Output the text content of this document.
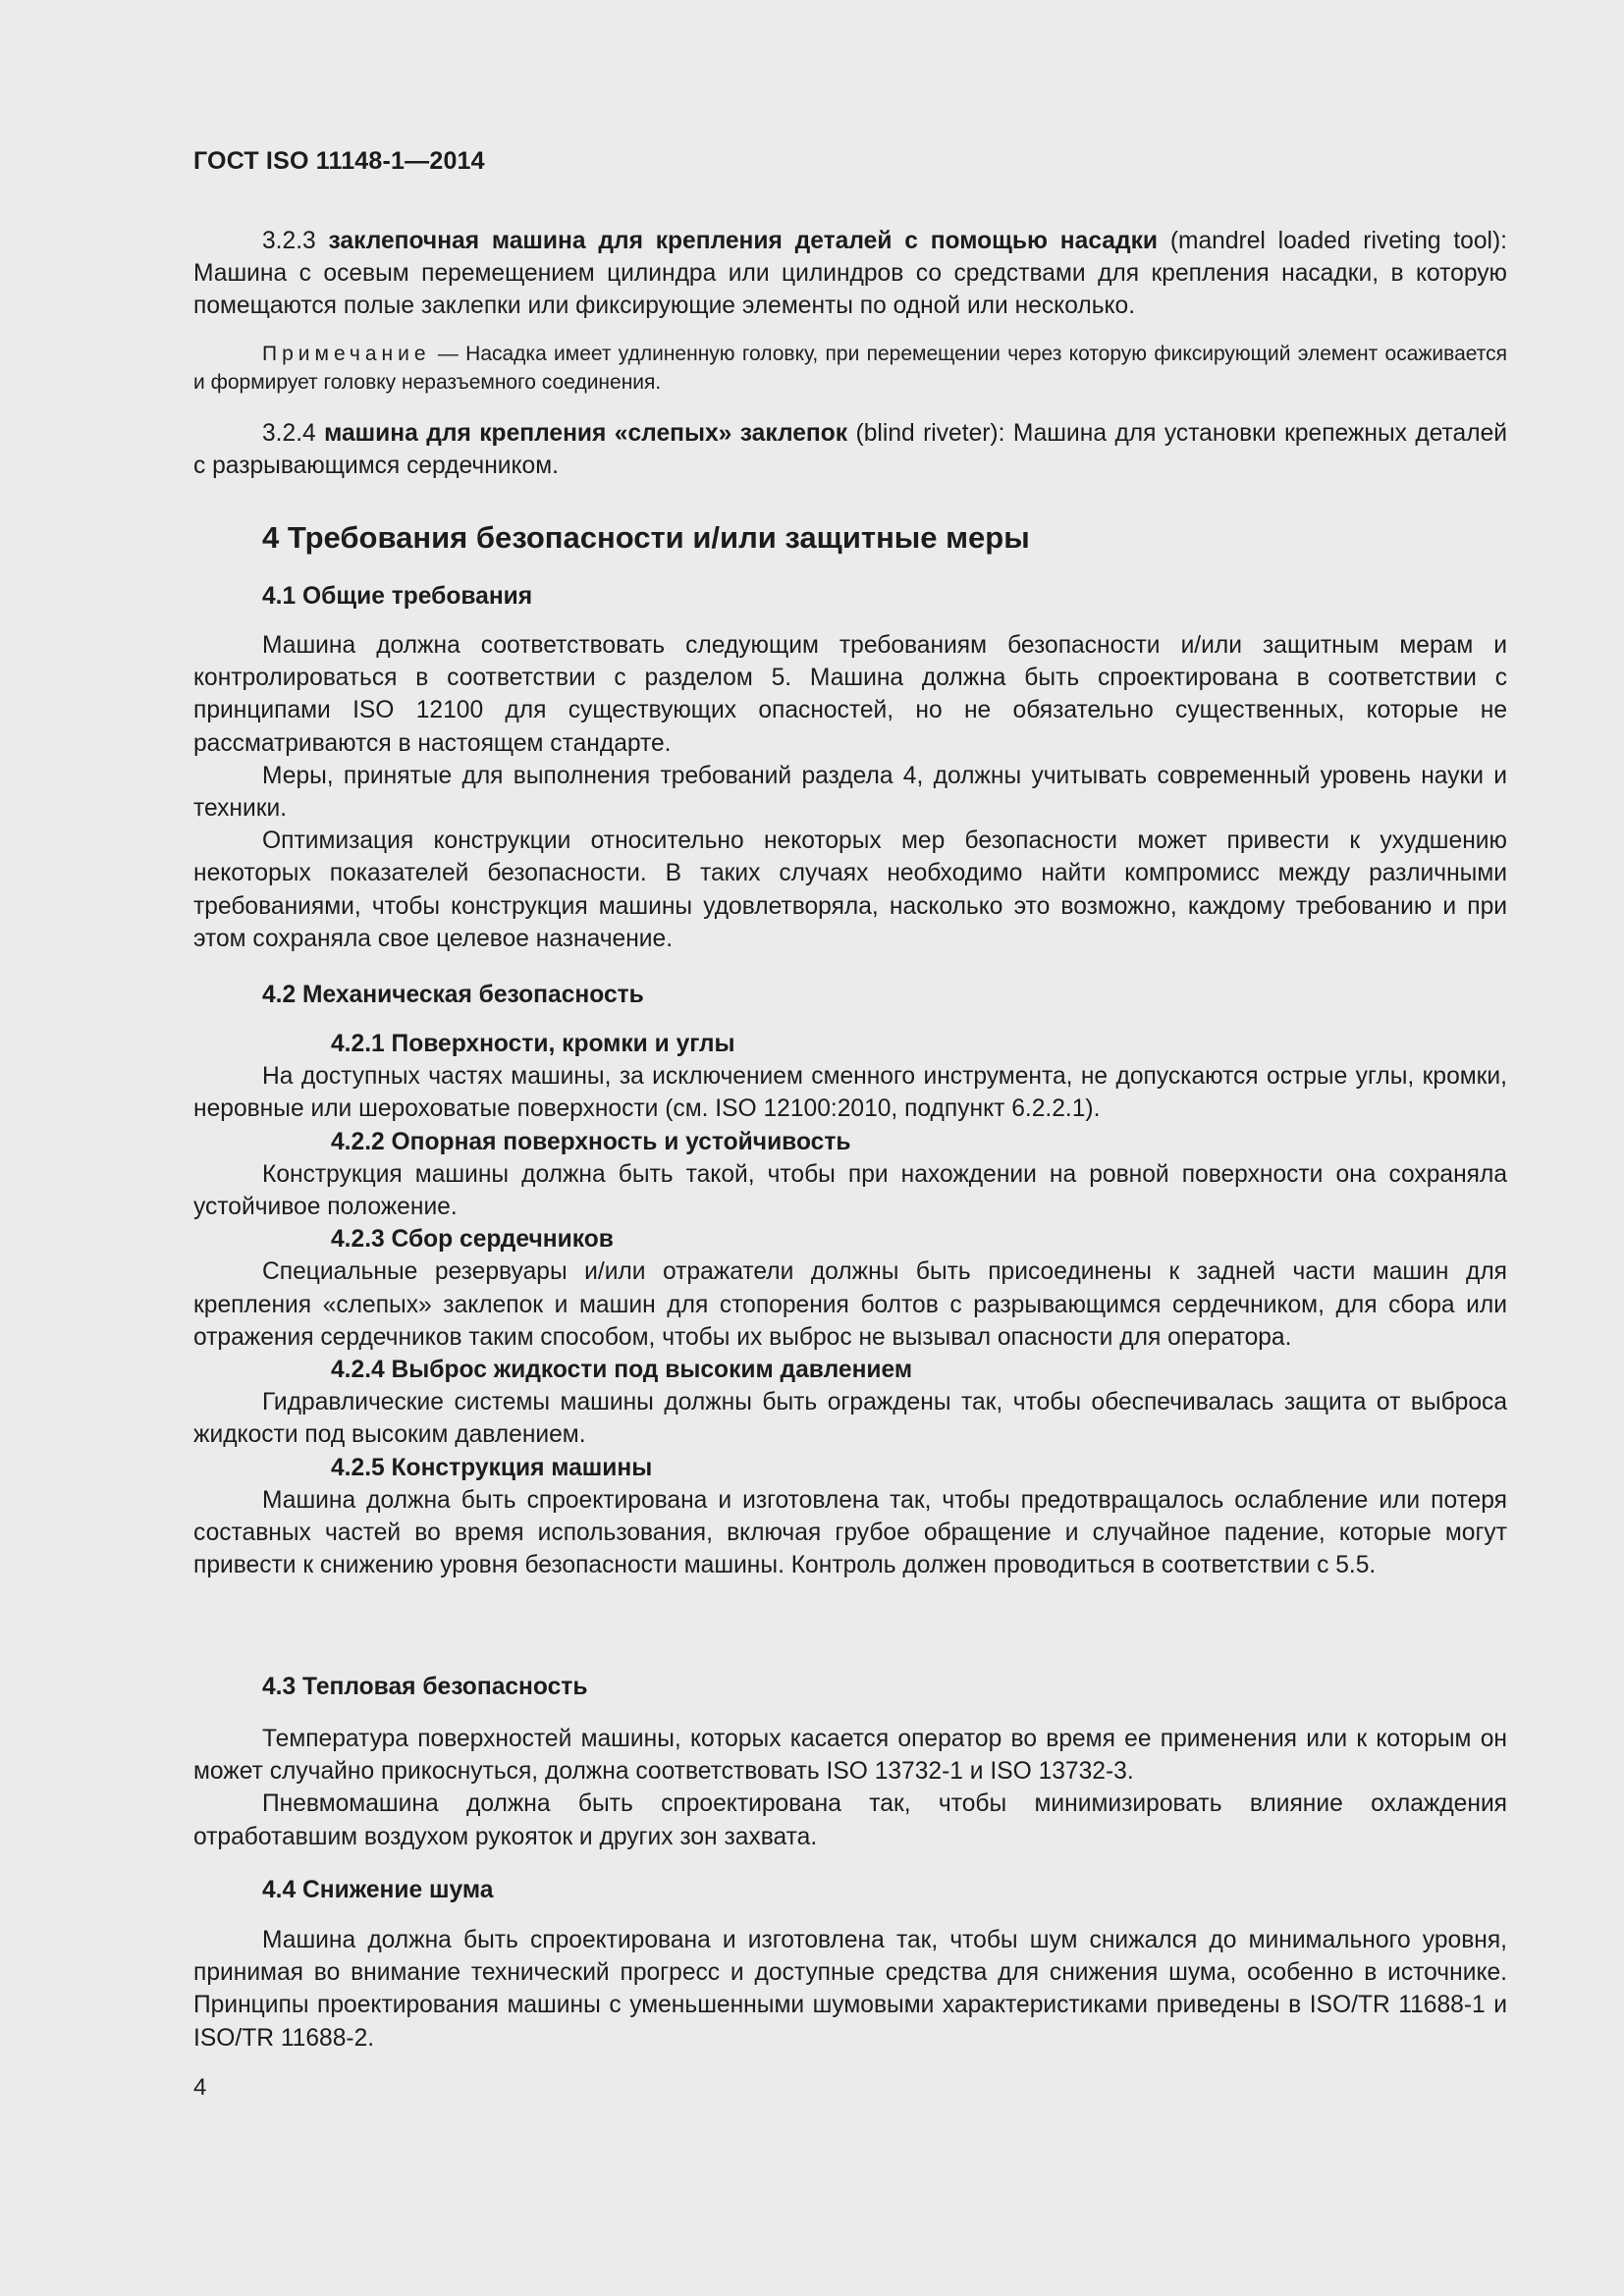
ГОСТ ISO 11148-1—2014

3.2.3 заклепочная машина для крепления деталей с помощью насадки (mandrel loaded riveting tool): Машина с осевым перемещением цилиндра или цилиндров со средствами для крепления насадки, в которую помещаются полые заклепки или фиксирующие элементы по одной или несколько.

Примечание — Насадка имеет удлиненную головку, при перемещении через которую фиксирующий элемент осаживается и формирует головку неразъемного соединения.

3.2.4 машина для крепления «слепых» заклепок (blind riveter): Машина для установки крепежных деталей с разрывающимся сердечником.

4 Требования безопасности и/или защитные меры

4.1 Общие требования

Машина должна соответствовать следующим требованиям безопасности и/или защитным мерам и контролироваться в соответствии с разделом 5. Машина должна быть спроектирована в соответствии с принципами ISO 12100 для существующих опасностей, но не обязательно существенных, которые не рассматриваются в настоящем стандарте.

Меры, принятые для выполнения требований раздела 4, должны учитывать современный уровень науки и техники.

Оптимизация конструкции относительно некоторых мер безопасности может привести к ухудшению некоторых показателей безопасности. В таких случаях необходимо найти компромисс между различными требованиями, чтобы конструкция машины удовлетворяла, насколько это возможно, каждому требованию и при этом сохраняла свое целевое назначение.

4.2 Механическая безопасность

4.2.1 Поверхности, кромки и углы

На доступных частях машины, за исключением сменного инструмента, не допускаются острые углы, кромки, неровные или шероховатые поверхности (см. ISO 12100:2010, подпункт 6.2.2.1).

4.2.2 Опорная поверхность и устойчивость

Конструкция машины должна быть такой, чтобы при нахождении на ровной поверхности она сохраняла устойчивое положение.

4.2.3 Сбор сердечников

Специальные резервуары и/или отражатели должны быть присоединены к задней части машин для крепления «слепых» заклепок и машин для стопорения болтов с разрывающимся сердечником, для сбора или отражения сердечников таким способом, чтобы их выброс не вызывал опасности для оператора.

4.2.4 Выброс жидкости под высоким давлением

Гидравлические системы машины должны быть ограждены так, чтобы обеспечивалась защита от выброса жидкости под высоким давлением.

4.2.5 Конструкция машины

Машина должна быть спроектирована и изготовлена так, чтобы предотвращалось ослабление или потеря составных частей во время использования, включая грубое обращение и случайное падение, которые могут привести к снижению уровня безопасности машины. Контроль должен проводиться в соответствии с 5.5.

4.3 Тепловая безопасность

Температура поверхностей машины, которых касается оператор во время ее применения или к которым он может случайно прикоснуться, должна соответствовать ISO 13732-1 и ISO 13732-3.

Пневмомашина должна быть спроектирована так, чтобы минимизировать влияние охлаждения отработавшим воздухом рукояток и других зон захвата.

4.4 Снижение шума

Машина должна быть спроектирована и изготовлена так, чтобы шум снижался до минимального уровня, принимая во внимание технический прогресс и доступные средства для снижения шума, особенно в источнике. Принципы проектирования машины с уменьшенными шумовыми характеристиками приведены в ISO/TR 11688-1 и ISO/TR 11688-2.

4
